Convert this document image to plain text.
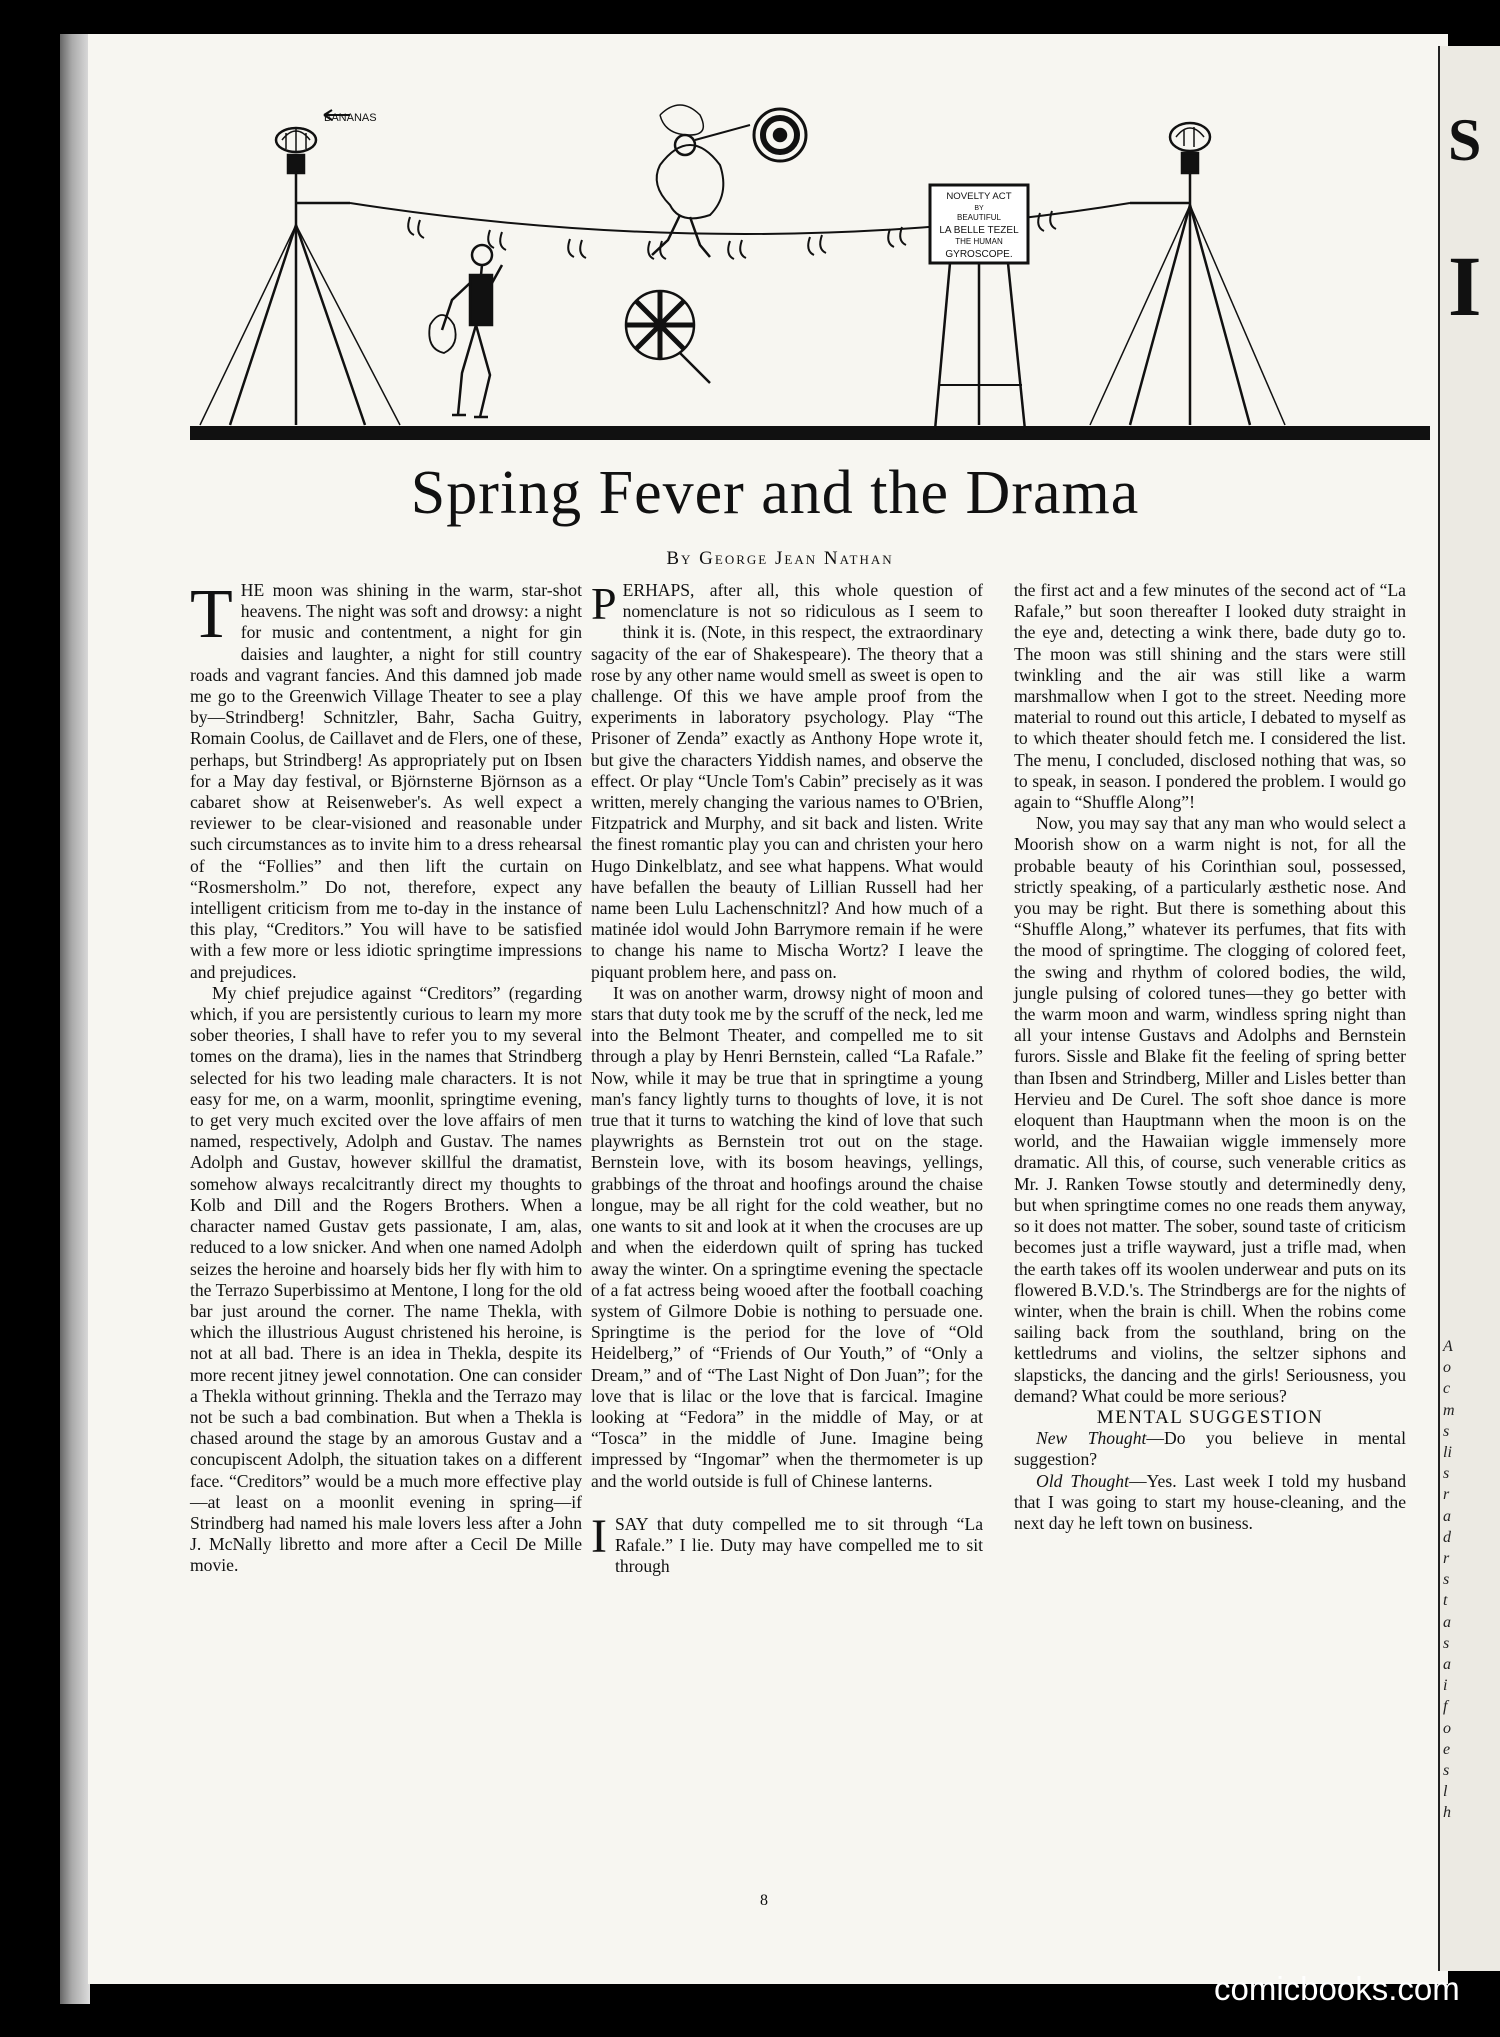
S
I
A
o
c
m
s
li
s
r
a
d
r
s
t
a
s
a
i
f
o
e
s
l
h
BANANAS
NOVELTY ACT
BY
BEAUTIFUL
LA BELLE TEZEL
THE HUMAN
GYROSCOPE.
Spring Fever and the Drama
By George Jean Nathan

THE moon was shining in the warm, star-shot heavens. The night was soft and drowsy: a night for music and contentment, a night for gin daisies and laughter, a night for still country roads and vagrant fancies. And this damned job made me go to the Greenwich Village Theater to see a play by—Strindberg! Schnitzler, Bahr, Sacha Guitry, Romain Coolus, de Caillavet and de Flers, one of these, perhaps, but Strindberg! As appropriately put on Ibsen for a May day festival, or Björnsterne Björnson as a cabaret show at Reisenweber's. As well expect a reviewer to be clear-visioned and reasonable under such circumstances as to invite him to a dress rehearsal of the “Follies” and then lift the curtain on “Rosmersholm.” Do not, therefore, expect any intelligent criticism from me to-day in the instance of this play, “Creditors.” You will have to be satisfied with a few more or less idiotic springtime impressions and prejudices.

My chief prejudice against “Creditors” (regarding which, if you are persistently curious to learn my more sober theories, I shall have to refer you to my several tomes on the drama), lies in the names that Strindberg selected for his two leading male characters. It is not easy for me, on a warm, moonlit, springtime evening, to get very much excited over the love affairs of men named, respectively, Adolph and Gustav. The names Adolph and Gustav, however skillful the dramatist, somehow always recalcitrantly direct my thoughts to Kolb and Dill and the Rogers Brothers. When a character named Gustav gets passionate, I am, alas, reduced to a low snicker. And when one named Adolph seizes the heroine and hoarsely bids her fly with him to the Terrazo Superbissimo at Mentone, I long for the old bar just around the corner. The name Thekla, with which the illustrious August christened his heroine, is not at all bad. There is an idea in Thekla, despite its more recent jitney jewel connotation. One can consider a Thekla without grinning. Thekla and the Terrazo may not be such a bad combination. But when a Thekla is chased around the stage by an amorous Gustav and a concupiscent Adolph, the situation takes on a different face. “Creditors” would be a much more effective play—at least on a moonlit evening in spring—if Strindberg had named his male lovers less after a John J. McNally libretto and more after a Cecil De Mille movie.

PERHAPS, after all, this whole question of nomenclature is not so ridiculous as I seem to think it is. (Note, in this respect, the extraordinary sagacity of the ear of Shakespeare). The theory that a rose by any other name would smell as sweet is open to challenge. Of this we have ample proof from the experiments in laboratory psychology. Play “The Prisoner of Zenda” exactly as Anthony Hope wrote it, but give the characters Yiddish names, and observe the effect. Or play “Uncle Tom's Cabin” precisely as it was written, merely changing the various names to O'Brien, Fitzpatrick and Murphy, and sit back and listen. Write the finest romantic play you can and christen your hero Hugo Dinkelblatz, and see what happens. What would have befallen the beauty of Lillian Russell had her name been Lulu Lachenschnitzl? And how much of a matinée idol would John Barrymore remain if he were to change his name to Mischa Wortz? I leave the piquant problem here, and pass on.

It was on another warm, drowsy night of moon and stars that duty took me by the scruff of the neck, led me into the Belmont Theater, and compelled me to sit through a play by Henri Bernstein, called “La Rafale.” Now, while it may be true that in springtime a young man's fancy lightly turns to thoughts of love, it is not true that it turns to watching the kind of love that such playwrights as Bernstein trot out on the stage. Bernstein love, with its bosom heavings, yellings, grabbings of the throat and hoofings around the chaise longue, may be all right for the cold weather, but no one wants to sit and look at it when the crocuses are up and when the eiderdown quilt of spring has tucked away the winter. On a springtime evening the spectacle of a fat actress being wooed after the football coaching system of Gilmore Dobie is nothing to persuade one. Springtime is the period for the love of “Old Heidelberg,” of “Friends of Our Youth,” of “Only a Dream,” and of “The Last Night of Don Juan”; for the love that is lilac or the love that is farcical. Imagine looking at “Fedora” in the middle of May, or at “Tosca” in the middle of June. Imagine being impressed by “Ingomar” when the thermometer is up and the world outside is full of Chinese lanterns.

ISAY that duty compelled me to sit through “La Rafale.” I lie. Duty may have compelled me to sit through

the first act and a few minutes of the second act of “La Rafale,” but soon thereafter I looked duty straight in the eye and, detecting a wink there, bade duty go to. The moon was still shining and the stars were still twinkling and the air was still like a warm marshmallow when I got to the street. Needing more material to round out this article, I debated to myself as to which theater should fetch me. I considered the list. The menu, I concluded, disclosed nothing that was, so to speak, in season. I pondered the problem. I would go again to “Shuffle Along”!

Now, you may say that any man who would select a Moorish show on a warm night is not, for all the probable beauty of his Corinthian soul, possessed, strictly speaking, of a particularly æsthetic nose. And you may be right. But there is something about this “Shuffle Along,” whatever its perfumes, that fits with the mood of springtime. The clogging of colored feet, the swing and rhythm of colored bodies, the wild, jungle pulsing of colored tunes—they go better with the warm moon and warm, windless spring night than all your intense Gustavs and Adolphs and Bernstein furors. Sissle and Blake fit the feeling of spring better than Ibsen and Strindberg, Miller and Lisles better than Hervieu and De Curel. The soft shoe dance is more eloquent than Hauptmann when the moon is on the world, and the Hawaiian wiggle immensely more dramatic. All this, of course, such venerable critics as Mr. J. Ranken Towse stoutly and determinedly deny, but when springtime comes no one reads them anyway, so it does not matter. The sober, sound taste of criticism becomes just a trifle wayward, just a trifle mad, when the earth takes off its woolen underwear and puts on its flowered B.V.D.'s. The Strindbergs are for the nights of winter, when the brain is chill. When the robins come sailing back from the southland, bring on the kettledrums and violins, the seltzer siphons and slapsticks, the dancing and the girls! Seriousness, you demand? What could be more serious?

MENTAL SUGGESTION

New Thought—Do you believe in mental suggestion?

Old Thought—Yes. Last week I told my husband that I was going to start my house-cleaning, and the next day he left town on business.

8
comicbooks.com
